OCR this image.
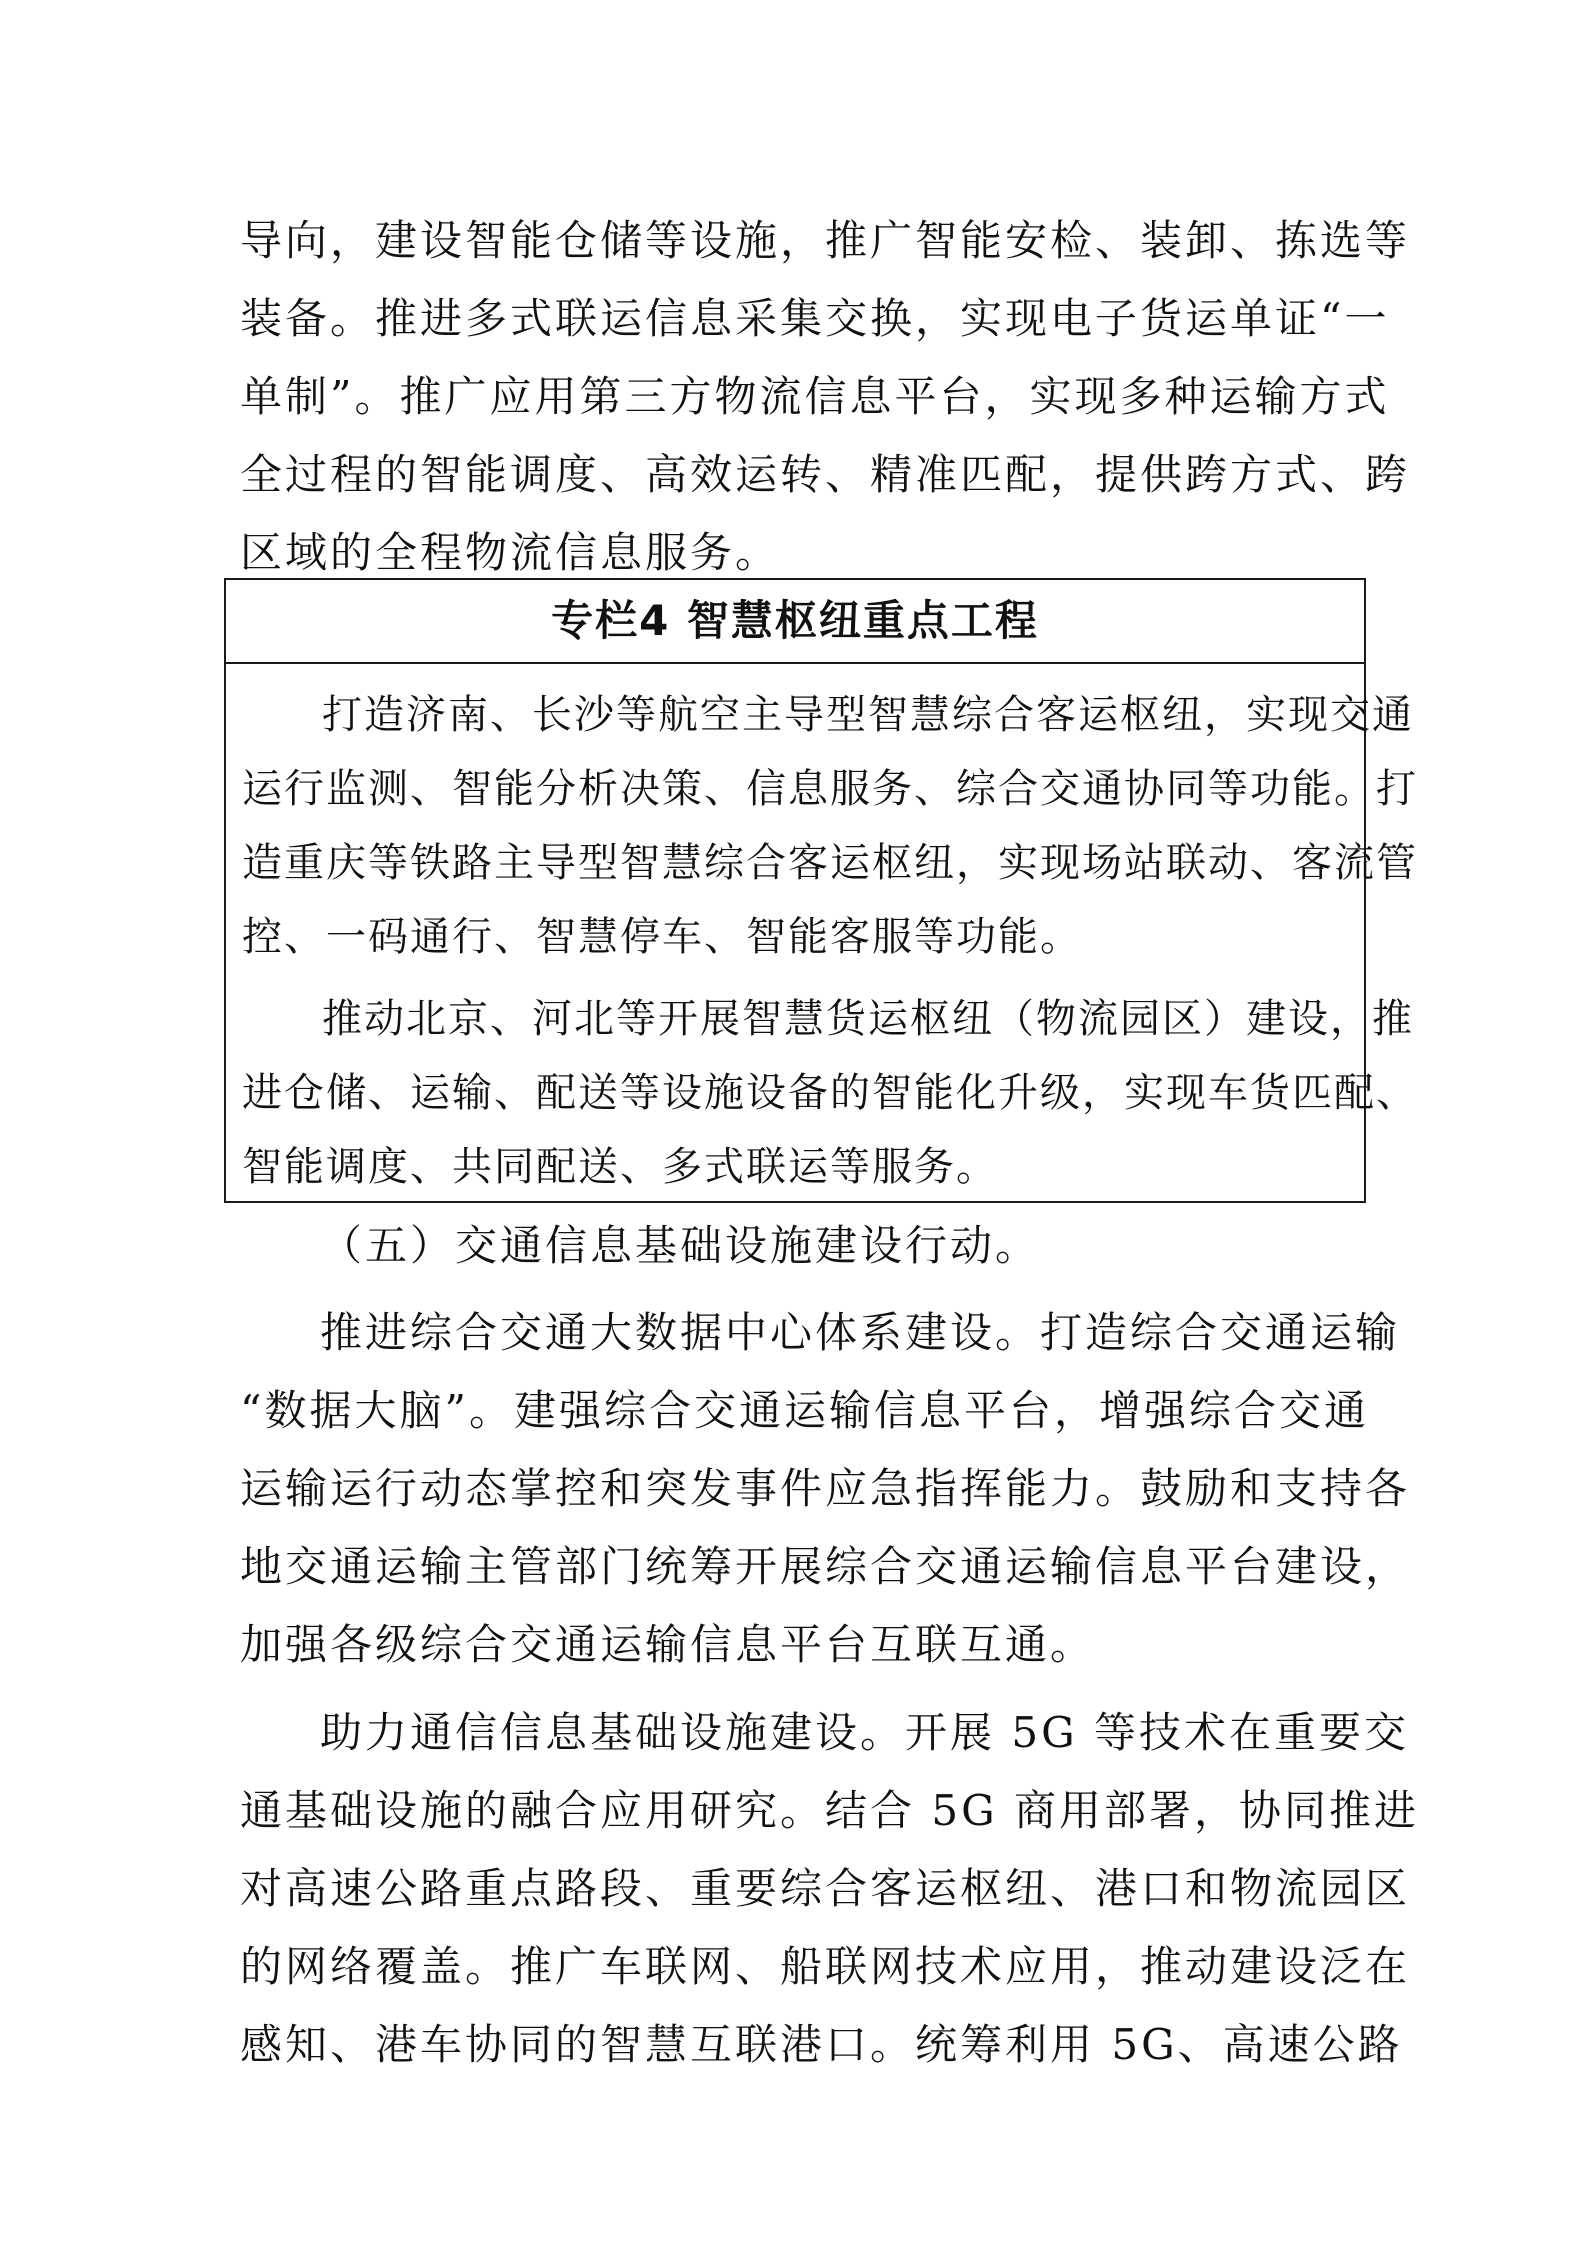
导向，建设智能仓储等设施，推广智能安检、装卸、拣选等
装备。推进多式联运信息采集交换，实现电子货运单证“一
单制”。推广应用第三方物流信息平台，实现多种运输方式
全过程的智能调度、高效运转、精准匹配，提供跨方式、跨
区域的全程物流信息服务。
专栏4 智慧枢纽重点工程
打造济南、长沙等航空主导型智慧综合客运枢纽，实现交通
运行监测、智能分析决策、信息服务、综合交通协同等功能。打
造重庆等铁路主导型智慧综合客运枢纽，实现场站联动、客流管
控、一码通行、智慧停车、智能客服等功能。
推动北京、河北等开展智慧货运枢纽（物流园区）建设，推
进仓储、运输、配送等设施设备的智能化升级，实现车货匹配、
智能调度、共同配送、多式联运等服务。
（五）交通信息基础设施建设行动。
推进综合交通大数据中心体系建设。打造综合交通运输
“数据大脑”。建强综合交通运输信息平台，增强综合交通
运输运行动态掌控和突发事件应急指挥能力。鼓励和支持各
地交通运输主管部门统筹开展综合交通运输信息平台建设，
加强各级综合交通运输信息平台互联互通。
助力通信信息基础设施建设。开展 5G 等技术在重要交
通基础设施的融合应用研究。结合 5G 商用部署，协同推进
对高速公路重点路段、重要综合客运枢纽、港口和物流园区
的网络覆盖。推广车联网、船联网技术应用，推动建设泛在
感知、港车协同的智慧互联港口。统筹利用 5G、高速公路
